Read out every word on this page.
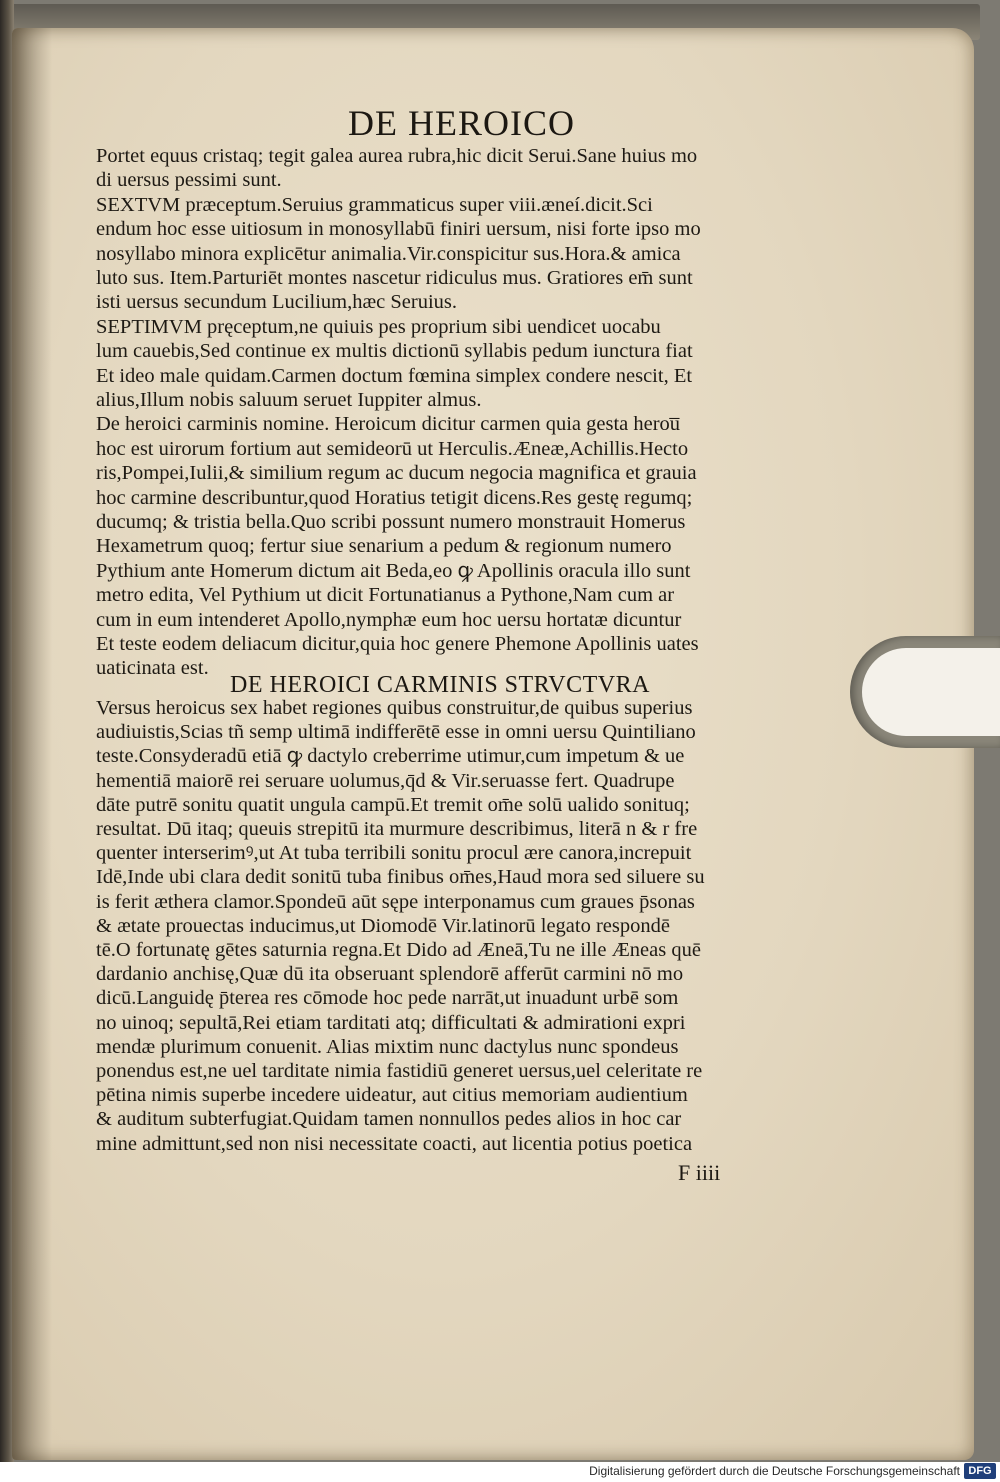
DE HEROICO
Portet equus cristaq; tegit galea aurea rubra,hic dicit Serui.Sane huius mo
di uersus pessimi sunt.
SEXTVM præceptum.Seruius grammaticus super viii.æneí.dicit.Sci
endum hoc esse uitiosum in monosyllabū finiri uersum, nisi forte ipso mo
nosyllabo minora explicētur animalia.Vir.conspicitur sus.Hora.& amica
luto sus. Item.Parturiēt montes nascetur ridiculus mus. Gratiores em̄ sunt
isti uersus secundum Lucilium,hæc Seruius.
SEPTIMVM pręceptum,ne quiuis pes proprium sibi uendicet uocabu
lum cauebis,Sed continue ex multis dictionū syllabis pedum iunctura fiat
Et ideo male quidam.Carmen doctum fœmina simplex condere nescit, Et
alius,Illum nobis saluum seruet Iuppiter almus.
De heroici carminis nomine. Heroicum dicitur carmen quia gesta herou̅
hoc est uirorum fortium aut semideorū ut Herculis.Æneæ,Achillis.Hecto
ris,Pompei,Iulii,& similium regum ac ducum negocia magnifica et grauia
hoc carmine describuntur,quod Horatius tetigit dicens.Res gestę regumq;
ducumq; & tristia bella.Quo scribi possunt numero monstrauit Homerus
Hexametrum quoq; fertur siue senarium a pedum & regionum numero
Pythium ante Homerum dictum ait Beda,eo ꝙ Apollinis oracula illo sunt
metro edita, Vel Pythium ut dicit Fortunatianus a Pythone,Nam cum ar
cum in eum intenderet Apollo,nymphæ eum hoc uersu hortatæ dicuntur
Et teste eodem deliacum dicitur,quia hoc genere Phemone Apollinis uates
uaticinata est.
DE HEROICI CARMINIS STRVCTVRA
Versus heroicus sex habet regiones quibus construitur,de quibus superius
audiuistis,Scias tñ semp ultimā indifferētē esse in omni uersu Quintiliano
teste.Consyderadū etiā ꝙ dactylo creberrime utimur,cum impetum & ue
hementiā maiorē rei seruare uolumus,q̄d & Vir.seruasse fert. Quadrupe
dāte putrē sonitu quatit ungula campū.Et tremit om̄e solū ualido sonituq;
resultat. Dū itaq; queuis strepitū ita murmure describimus, literā n & r fre
quenter interserimꝰ,ut At tuba terribili sonitu procul ære canora,increpuit
Idē,Inde ubi clara dedit sonitū tuba finibus om̄es,Haud mora sed siluere su
is ferit æthera clamor.Spondeū aūt sępe interponamus cum graues p̄sonas
& ætate prouectas inducimus,ut Diomodē Vir.latinorū legato respondē
tē.O fortunatę gētes saturnia regna.Et Dido ad Æneā,Tu ne ille Æneas quē
dardanio anchisę,Quæ dū ita obseruant splendorē afferūt carmini nō mo
dicū.Languidę p̄terea res cōmode hoc pede narrāt,ut inuadunt urbē som
no uinoq; sepultā,Rei etiam tarditati atq; difficultati & admirationi expri
mendæ plurimum conuenit. Alias mixtim nunc dactylus nunc spondeus
ponendus est,ne uel tarditate nimia fastidiū generet uersus,uel celeritate re
pētina nimis superbe incedere uideatur, aut citius memoriam audientium
& auditum subterfugiat.Quidam tamen nonnullos pedes alios in hoc car
mine admittunt,sed non nisi necessitate coacti, aut licentia potius poetica
F iiii
Digitalisierung gefördert durch die Deutsche Forschungsgemeinschaft DFG
